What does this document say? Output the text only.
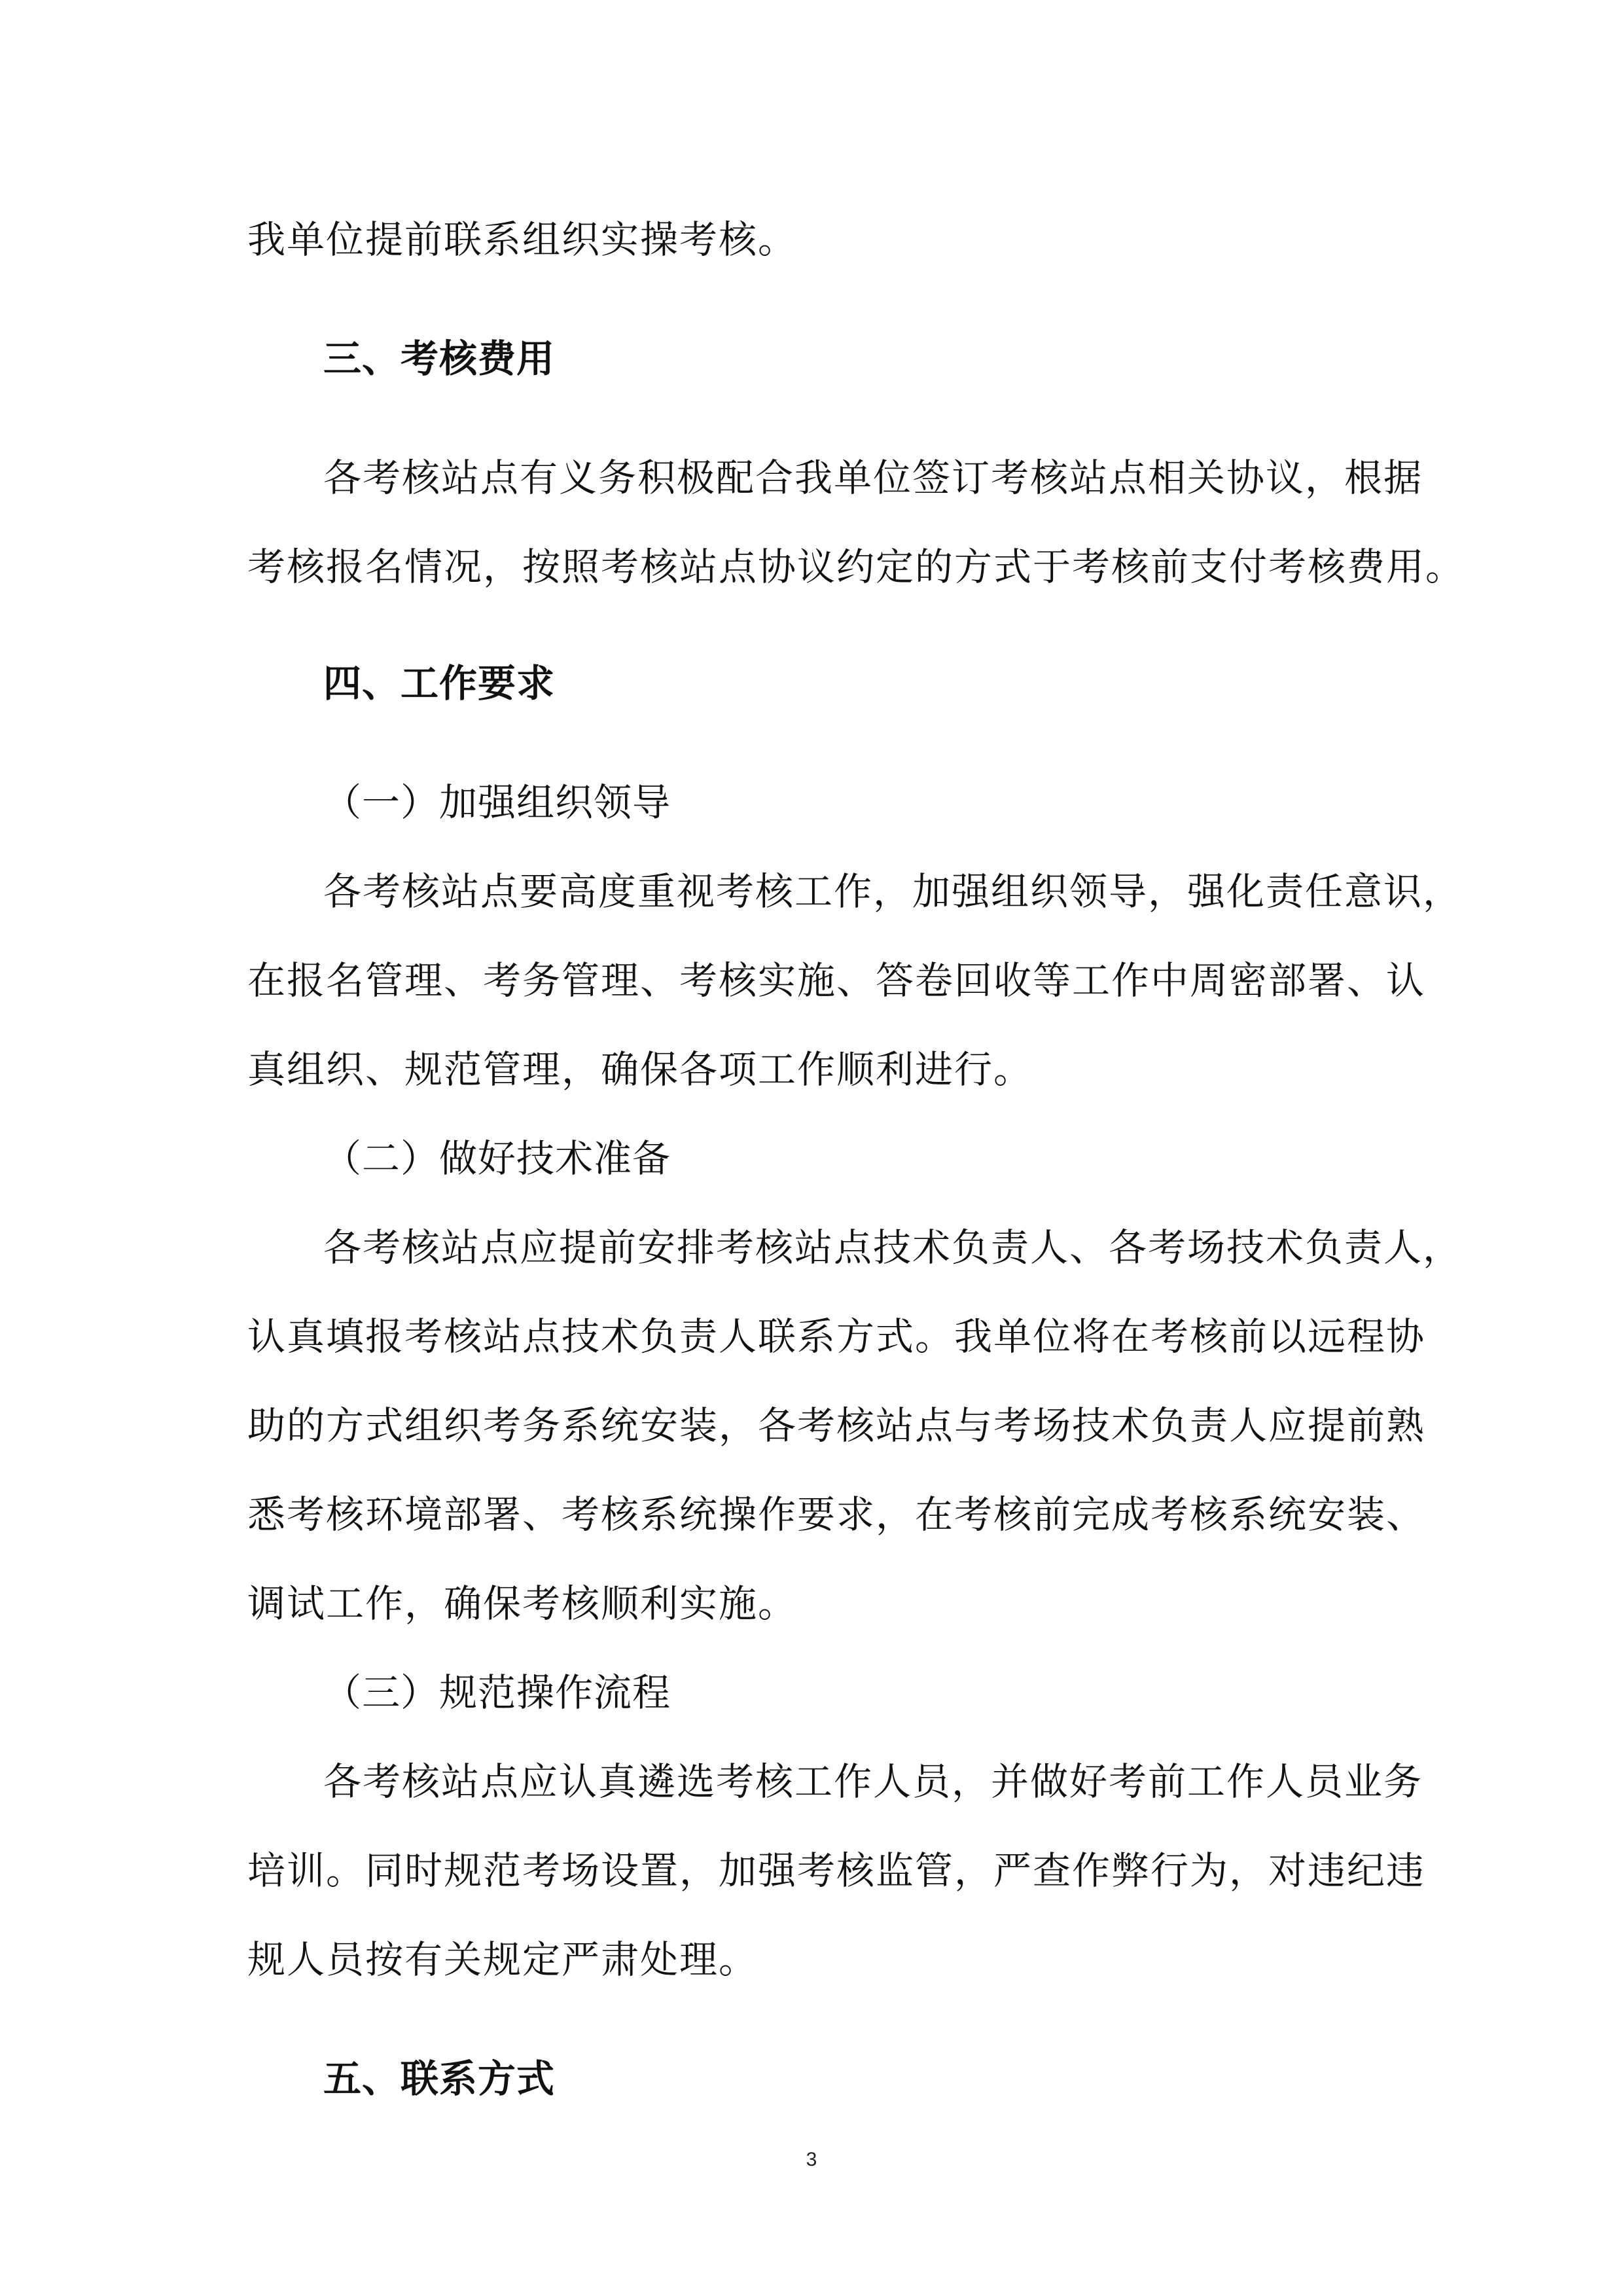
我单位提前联系组织实操考核。
三、考核费用
各考核站点有义务积极配合我单位签订考核站点相关协议，根据
考核报名情况，按照考核站点协议约定的方式于考核前支付考核费用。
四、工作要求
（一）加强组织领导
各考核站点要高度重视考核工作，加强组织领导，强化责任意识，
在报名管理、考务管理、考核实施、答卷回收等工作中周密部署、认
真组织、规范管理，确保各项工作顺利进行。
（二）做好技术准备
各考核站点应提前安排考核站点技术负责人、各考场技术负责人，
认真填报考核站点技术负责人联系方式。我单位将在考核前以远程协
助的方式组织考务系统安装，各考核站点与考场技术负责人应提前熟
悉考核环境部署、考核系统操作要求，在考核前完成考核系统安装、
调试工作，确保考核顺利实施。
（三）规范操作流程
各考核站点应认真遴选考核工作人员，并做好考前工作人员业务
培训。同时规范考场设置，加强考核监管，严查作弊行为，对违纪违
规人员按有关规定严肃处理。
五、联系方式
3
